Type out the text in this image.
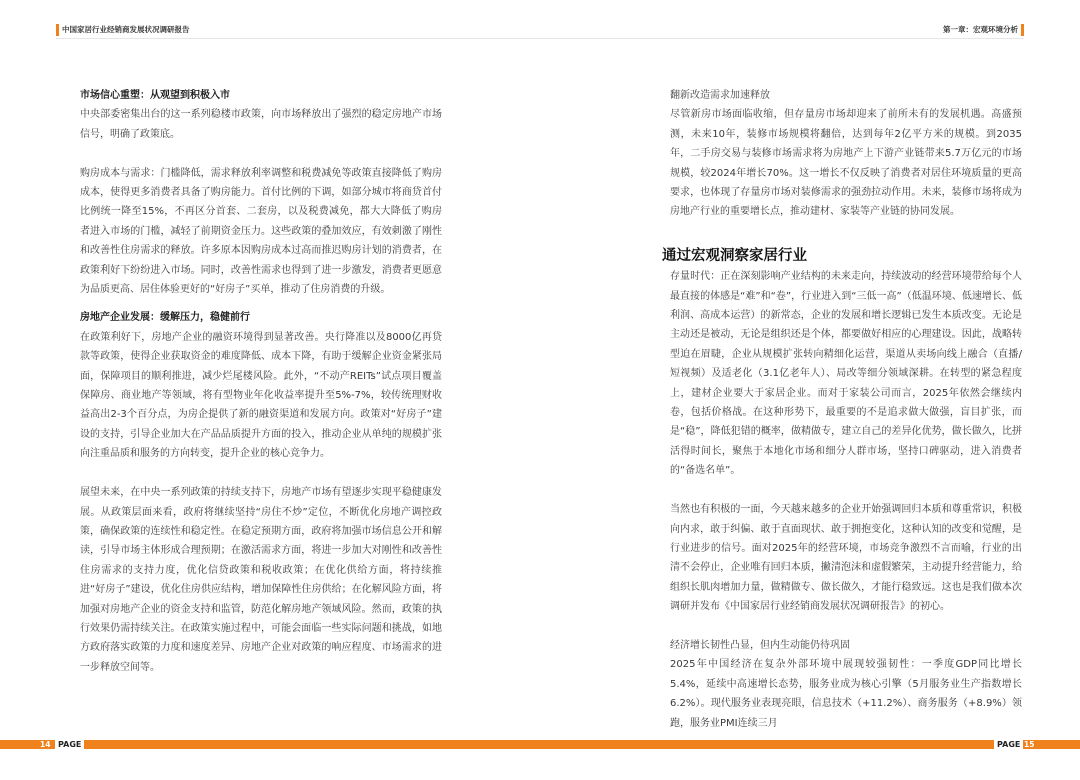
中国家居行业经销商发展状况调研报告	第一章：宏观环境分析
市场信心重塑：从观望到积极入市

中央部委密集出台的这一系列稳楼市政策，向市场释放出了强烈的稳定房地产市场信号，明确了政策底。

购房成本与需求：门槛降低，需求释放利率调整和税费减免等政策直接降低了购房成本，使得更多消费者具备了购房能力。首付比例的下调，如部分城市将商贷首付比例统一降至15%，不再区分首套、二套房，以及税费减免，都大大降低了购房者进入市场的门槛，减轻了前期资金压力。这些政策的叠加效应，有效刺激了刚性和改善性住房需求的释放。许多原本因购房成本过高而推迟购房计划的消费者，在政策利好下纷纷进入市场。同时，改善性需求也得到了进一步激发，消费者更愿意为品质更高、居住体验更好的“好房子”买单，推动了住房消费的升级。

房地产企业发展：缓解压力，稳健前行

在政策利好下，房地产企业的融资环境得到显著改善。央行降准以及8000亿再贷款等政策，使得企业获取资金的难度降低、成本下降，有助于缓解企业资金紧张局面，保障项目的顺利推进，减少烂尾楼风险。此外，“不动产REITs”试点项目覆盖保障房、商业地产等领域，将有型物业年化收益率提升至5%-7%，较传统理财收益高出2-3个百分点，为房企提供了新的融资渠道和发展方向。政策对“好房子”建设的支持，引导企业加大在产品品质提升方面的投入，推动企业从单纯的规模扩张向注重品质和服务的方向转变，提升企业的核心竞争力。

展望未来，在中央一系列政策的持续支持下，房地产市场有望逐步实现平稳健康发展。从政策层面来看，政府将继续坚持“房住不炒”定位，不断优化房地产调控政策，确保政策的连续性和稳定性。在稳定预期方面，政府将加强市场信息公开和解读，引导市场主体形成合理预期；在激活需求方面，将进一步加大对刚性和改善性住房需求的支持力度，优化信贷政策和税收政策；在优化供给方面，将持续推进“好房子”建设，优化住房供应结构，增加保障性住房供给；在化解风险方面，将加强对房地产企业的资金支持和监管，防范化解房地产领域风险。然而，政策的执行效果仍需持续关注。在政策实施过程中，可能会面临一些实际问题和挑战，如地方政府落实政策的力度和速度差异、房地产企业对政策的响应程度、市场需求的进一步释放空间等。

翻新改造需求加速释放

尽管新房市场面临收缩，但存量房市场却迎来了前所未有的发展机遇。高盛预测，未来10年，装修市场规模将翻倍，达到每年2亿平方米的规模。到2035年，二手房交易与装修市场需求将为房地产上下游产业链带来5.7万亿元的市场规模，较2024年增长70%。这一增长不仅反映了消费者对居住环境质量的更高要求，也体现了存量房市场对装修需求的强劲拉动作用。未来，装修市场将成为房地产行业的重要增长点，推动建材、家装等产业链的协同发展。

通过宏观洞察家居行业

存量时代：正在深刻影响产业结构的未来走向，持续波动的经营环境带给每个人最直接的体感是“难”和“卷”，行业进入到“三低一高”（低温环境、低速增长、低利润、高成本运营）的新常态，企业的发展和增长逻辑已发生本质改变。无论是主动还是被动，无论是组织还是个体，都要做好相应的心理建设。因此，战略转型迫在眉睫，企业从规模扩张转向精细化运营，渠道从卖场向线上融合（直播/短视频）及适老化（3.1亿老年人）、局改等细分领域深耕。在转型的紧急程度上，建材企业要大于家居企业。而对于家装公司而言，2025年依然会继续内卷，包括价格战。在这种形势下，最重要的不是追求做大做强，盲目扩张，而是“稳”，降低犯错的概率，做精做专，建立自己的差异化优势，做长做久，比拼活得时间长，聚焦于本地化市场和细分人群市场，坚持口碑驱动，进入消费者的“备选名单”。

当然也有积极的一面，今天越来越多的企业开始强调回归本质和尊重常识，积极向内求，敢于纠偏、敢于直面现状、敢于拥抱变化，这种认知的改变和觉醒，是行业进步的信号。面对2025年的经营环境，市场竞争激烈不言而喻，行业的出清不会停止，企业唯有回归本质，撇清泡沫和虚假繁荣，主动提升经营能力，给组织长肌肉增加力量，做精做专、做长做久，才能行稳致远。这也是我们做本次调研并发布《中国家居行业经销商发展状况调研报告》的初心。

经济增长韧性凸显，但内生动能仍待巩固

2025年中国经济在复杂外部环境中展现较强韧性：一季度GDP同比增长5.4%，延续中高速增长态势，服务业成为核心引擎（5月服务业生产指数增长6.2%）。现代服务业表现亮眼，信息技术（+11.2%）、商务服务（+8.9%）领跑，服务业PMI连续三月

14 PAGE	PAGE 15
